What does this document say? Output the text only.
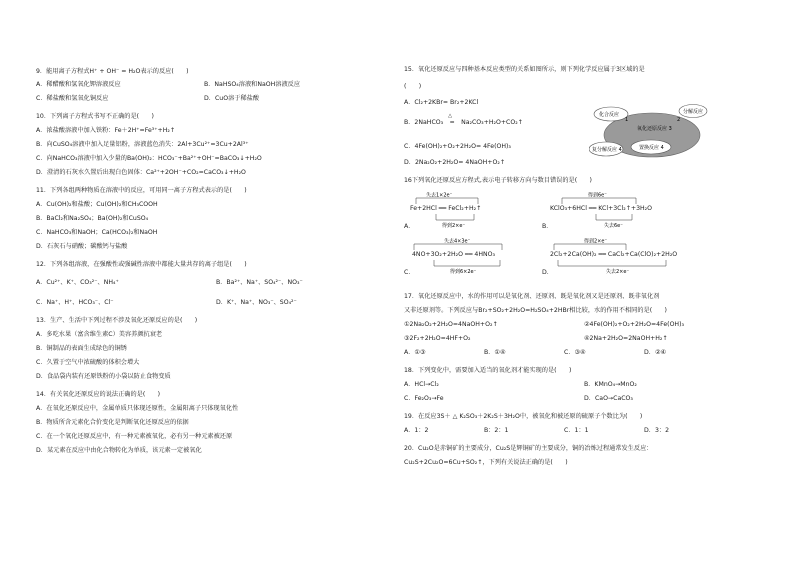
9．能用离子方程式H⁺ + OH⁻ = H₂O表示的反应(　　)
A．稀醋酸和氢氧化钾溶液反应	B．NaHSO₄溶液和NaOH溶液反应
C．稀盐酸和氢氧化铜反应	D．CuO溶于稀盐酸
10．下列离子方程式书写不正确的是(　　)
A．浓盐酸溶液中加入铁粉：Fe＋2H⁺=Fe³⁺+H₂↑
B．向CuSO₄溶液中加入足量铝粉，溶液蓝色消失：2Al+3Cu²⁺=3Cu+2Al³⁺
C．向NaHCO₃溶液中加入少量的Ba(OH)₂：HCO₃⁻+Ba²⁺+OH⁻=BaCO₃↓+H₂O
D．澄清的石灰水久置后出现白色固体：Ca²⁺+2OH⁻+CO₂=CaCO₃↓+H₂O
11．下列各组两种物质在溶液中的反应，可用同一离子方程式表示的是(　　)
A．Cu(OH)₂和盐酸；Cu(OH)₂和CH₃COOH
B．BaCl₂和Na₂SO₄；Ba(OH)₂和CuSO₄
C．NaHCO₃和NaOH；Ca(HCO₃)₂和NaOH
D．石灰石与硝酸；碳酸钙与盐酸
12．下列各组溶液，在强酸性或强碱性溶液中都能大量共存的离子组是(　　)
A．Cu²⁺、K⁺、CO₃²⁻、NH₄⁺	B．Ba²⁺、Na⁺、SO₄²⁻、NO₃⁻
C．Na⁺、H⁺、HCO₃⁻、Cl⁻	D．K⁺、Na⁺、NO₃⁻、SO₄²⁻
13．生产、生活中下列过程不涉及氧化还原反应的是(　　)
A．多吃水果（富含维生素C）美容养颜抗衰老
B．铜制品的表面生成绿色的铜锈
C．久置于空气中浓硫酸的体积会增大
D．食品袋内装有还原铁粉的小袋以防止食物变质
14．有关氧化还原反应的说法正确的是(　　)
A．在氧化还原反应中，金属单质只体现还原性，金属阳离子只体现氧化性
B．物质所含元素化合价变化是判断氧化还原反应的依据
C．在一个氧化还原反应中，有一种元素被氧化，必有另一种元素被还原
D．某元素在反应中由化合物转化为单质，该元素一定被氧化
15．氧化还原反应与四种基本反应类型的关系如图所示，则下列化学反应属于3区域的是
(　　)
A．Cl₂+2KBr= Br₂+2KCl
B．2NaHCO₃
△
═ Na₂CO₃+H₂O+CO₂↑
C．4Fe(OH)₂+O₂+2H₂O= 4Fe(OH)₃
D．2Na₂O₂+2H₂O= 4NaOH+O₂↑
化合反应	分解反应
氧化还原反应 3
复分解反应 4	置换反应 4
1	2
16下列氧化还原反应方程式,表示电子转移方向与数目错误的是(　　)
失去1×2e⁻
得到2×e⁻
Fe+2HCl ══ FeCl₂+H₂↑
A．
得到6e⁻
失去6e⁻
KClO₃+6HCl ══ KCl+3Cl₂↑+3H₂O
B．
失去4×3e⁻
得到6×2e⁻
4NO+3O₂+2H₂O ══ 4HNO₃
C．
得到2×e⁻
失去2×e⁻
2Cl₂+2Ca(OH)₂ ══ CaCl₂+Ca(ClO)₂+2H₂O
D．
17．氧化还原反应中，水的作用可以是氧化剂、还原剂、既是氧化剂又是还原剂、既非氧化剂
又非还原剂等。下列反应与Br₂+SO₂+2H₂O=H₂SO₄+2HBr相比较，水的作用不相同的是(　　)
①2Na₂O₂+2H₂O=4NaOH+O₂↑	②4Fe(OH)₂+O₂+2H₂O=4Fe(OH)₃
③2F₂+2H₂O=4HF+O₂	④2Na+2H₂O=2NaOH+H₂↑
A．①③	B．①④	C．③④	D．②④
18．下列变化中，需要加入适当的氧化剂才能实现的是(　　)
A．HCl→Cl₂	B．KMnO₄→MnO₂
C．Fe₂O₃→Fe	D．CaO→CaCO₃
19．在反应3S＋ △ K₂SO₃＋2K₂S＋3H₂O中，被氧化和被还原的硫原子个数比为(　　)
A．1：2	B：2：1	C．1：1	D．3：2
20．Cu₂O是赤铜矿的主要成分，Cu₂S是辉铜矿的主要成分，铜的冶炼过程通常发生反应：
Cu₂S+2Cu₂O=6Cu+SO₂↑，下列有关说法正确的是(　　)
